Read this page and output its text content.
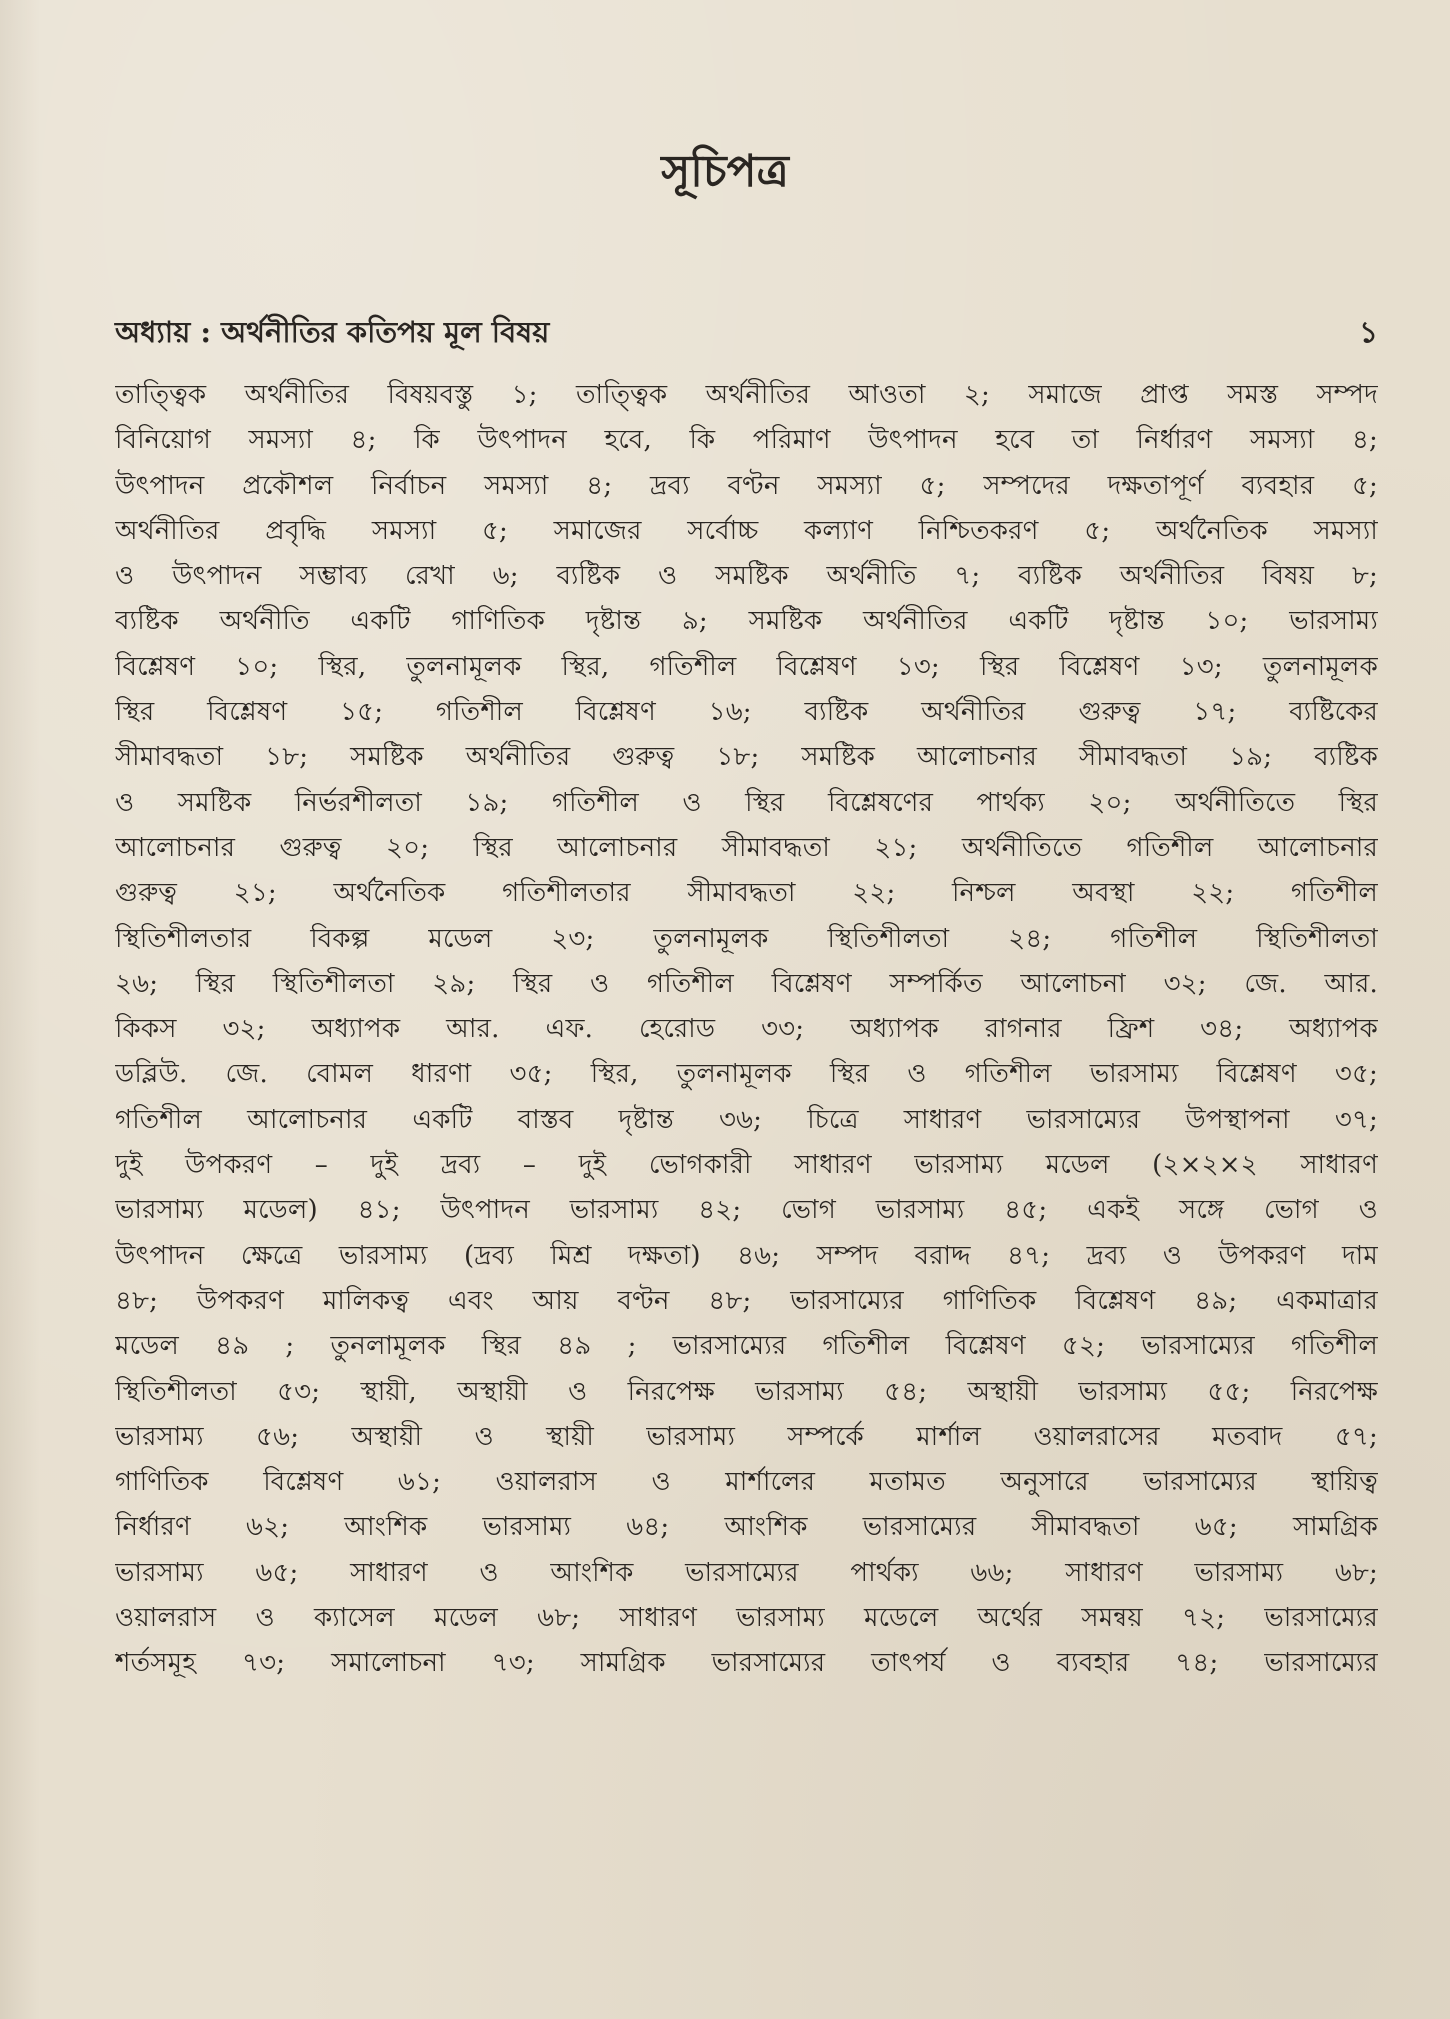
সূচিপত্র
অধ্যায় : অর্থনীতির কতিপয় মূল বিষয়	১
তাত্ত্বিক অর্থনীতির বিষয়বস্তু ১; তাত্ত্বিক অর্থনীতির আওতা ২; সমাজে প্রাপ্ত সমস্ত সম্পদ
বিনিয়োগ সমস্যা ৪; কি উৎপাদন হবে, কি পরিমাণ উৎপাদন হবে তা নির্ধারণ সমস্যা ৪;
উৎপাদন প্রকৌশল নির্বাচন সমস্যা ৪; দ্রব্য বণ্টন সমস্যা ৫; সম্পদের দক্ষতাপূর্ণ ব্যবহার ৫;
অর্থনীতির প্রবৃদ্ধি সমস্যা ৫; সমাজের সর্বোচ্চ কল্যাণ নিশ্চিতকরণ ৫; অর্থনৈতিক সমস্যা
ও উৎপাদন সম্ভাব্য রেখা ৬; ব্যষ্টিক ও সমষ্টিক অর্থনীতি ৭; ব্যষ্টিক অর্থনীতির বিষয় ৮;
ব্যষ্টিক অর্থনীতি একটি গাণিতিক দৃষ্টান্ত ৯; সমষ্টিক অর্থনীতির একটি দৃষ্টান্ত ১০; ভারসাম্য
বিশ্লেষণ ১০; স্থির, তুলনামূলক স্থির, গতিশীল বিশ্লেষণ ১৩; স্থির বিশ্লেষণ ১৩; তুলনামূলক
স্থির বিশ্লেষণ ১৫; গতিশীল বিশ্লেষণ ১৬; ব্যষ্টিক অর্থনীতির গুরুত্ব ১৭; ব্যষ্টিকের
সীমাবদ্ধতা ১৮; সমষ্টিক অর্থনীতির গুরুত্ব ১৮; সমষ্টিক আলোচনার সীমাবদ্ধতা ১৯; ব্যষ্টিক
ও সমষ্টিক নির্ভরশীলতা ১৯; গতিশীল ও স্থির বিশ্লেষণের পার্থক্য ২০; অর্থনীতিতে স্থির
আলোচনার গুরুত্ব ২০; স্থির আলোচনার সীমাবদ্ধতা ২১; অর্থনীতিতে গতিশীল আলোচনার
গুরুত্ব ২১; অর্থনৈতিক গতিশীলতার সীমাবদ্ধতা ২২; নিশ্চল অবস্থা ২২; গতিশীল
স্থিতিশীলতার বিকল্প মডেল ২৩; তুলনামূলক স্থিতিশীলতা ২৪; গতিশীল স্থিতিশীলতা
২৬; স্থির স্থিতিশীলতা ২৯; স্থির ও গতিশীল বিশ্লেষণ সম্পর্কিত আলোচনা ৩২; জে. আর.
কিকস ৩২; অধ্যাপক আর. এফ. হেরোড ৩৩; অধ্যাপক রাগনার ফ্রিশ ৩৪; অধ্যাপক
ডব্লিউ. জে. বোমল ধারণা ৩৫; স্থির, তুলনামূলক স্থির ও গতিশীল ভারসাম্য বিশ্লেষণ ৩৫;
গতিশীল আলোচনার একটি বাস্তব দৃষ্টান্ত ৩৬; চিত্রে সাধারণ ভারসাম্যের উপস্থাপনা ৩৭;
দুই উপকরণ – দুই দ্রব্য – দুই ভোগকারী সাধারণ ভারসাম্য মডেল (২×২×২ সাধারণ
ভারসাম্য মডেল) ৪১; উৎপাদন ভারসাম্য ৪২; ভোগ ভারসাম্য ৪৫; একই সঙ্গে ভোগ ও
উৎপাদন ক্ষেত্রে ভারসাম্য (দ্রব্য মিশ্র দক্ষতা) ৪৬; সম্পদ বরাদ্দ ৪৭; দ্রব্য ও উপকরণ দাম
৪৮; উপকরণ মালিকত্ব এবং আয় বণ্টন ৪৮; ভারসাম্যের গাণিতিক বিশ্লেষণ ৪৯; একমাত্রার
মডেল ৪৯ ; তুনলামূলক স্থির ৪৯ ; ভারসাম্যের গতিশীল বিশ্লেষণ ৫২; ভারসাম্যের গতিশীল
স্থিতিশীলতা ৫৩; স্থায়ী, অস্থায়ী ও নিরপেক্ষ ভারসাম্য ৫৪; অস্থায়ী ভারসাম্য ৫৫; নিরপেক্ষ
ভারসাম্য ৫৬; অস্থায়ী ও স্থায়ী ভারসাম্য সম্পর্কে মার্শাল ওয়ালরাসের মতবাদ ৫৭;
গাণিতিক বিশ্লেষণ ৬১; ওয়ালরাস ও মার্শালের মতামত অনুসারে ভারসাম্যের স্থায়িত্ব
নির্ধারণ ৬২; আংশিক ভারসাম্য ৬৪; আংশিক ভারসাম্যের সীমাবদ্ধতা ৬৫; সামগ্রিক
ভারসাম্য ৬৫; সাধারণ ও আংশিক ভারসাম্যের পার্থক্য ৬৬; সাধারণ ভারসাম্য ৬৮;
ওয়ালরাস ও ক্যাসেল মডেল ৬৮; সাধারণ ভারসাম্য মডেলে অর্থের সমন্বয় ৭২; ভারসাম্যের
শর্তসমূহ ৭৩; সমালোচনা ৭৩; সামগ্রিক ভারসাম্যের তাৎপর্য ও ব্যবহার ৭৪; ভারসাম্যের
